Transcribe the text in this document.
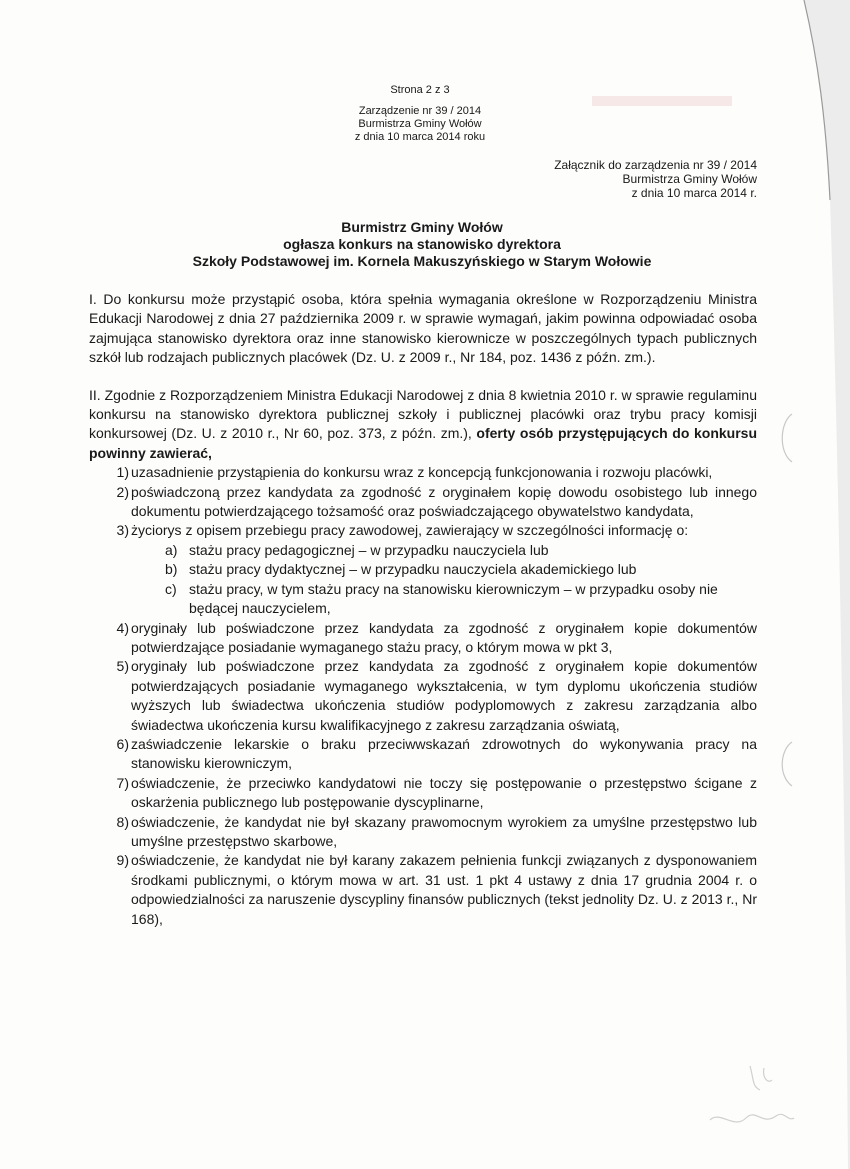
Strona 2 z 3
Zarządzenie nr 39 / 2014
Burmistrza Gminy Wołów
z dnia 10 marca 2014 roku
Załącznik do zarządzenia nr 39 / 2014
Burmistrza Gminy Wołów
z dnia 10 marca 2014 r.
Burmistrz Gminy Wołów
ogłasza konkurs na stanowisko dyrektora
Szkoły Podstawowej im. Kornela Makuszyńskiego w Starym Wołowie

I. Do konkursu może przystąpić osoba, która spełnia wymagania określone w Rozporządzeniu Ministra Edukacji Narodowej z dnia 27 października 2009 r. w sprawie wymagań, jakim powinna odpowiadać osoba zajmująca stanowisko dyrektora oraz inne stanowisko kierownicze w poszczególnych typach publicznych szkół lub rodzajach publicznych placówek (Dz. U. z 2009 r., Nr 184, poz. 1436 z późn. zm.).

II. Zgodnie z Rozporządzeniem Ministra Edukacji Narodowej z dnia 8 kwietnia 2010 r. w sprawie regulaminu konkursu na stanowisko dyrektora publicznej szkoły i publicznej placówki oraz trybu pracy komisji konkursowej (Dz. U. z 2010 r., Nr 60, poz. 373, z późn. zm.), oferty osób przystępujących do konkursu powinny zawierać,

1) uzasadnienie przystąpienia do konkursu wraz z koncepcją funkcjonowania i rozwoju placówki,
2) poświadczoną przez kandydata za zgodność z oryginałem kopię dowodu osobistego lub innego dokumentu potwierdzającego tożsamość oraz poświadczającego obywatelstwo kandydata,
3) życiorys z opisem przebiegu pracy zawodowej, zawierający w szczególności informację o:
a) stażu pracy pedagogicznej – w przypadku nauczyciela lub
b) stażu pracy dydaktycznej – w przypadku nauczyciela akademickiego lub
c) stażu pracy, w tym stażu pracy na stanowisku kierowniczym – w przypadku osoby nie będącej nauczycielem,
4) oryginały lub poświadczone przez kandydata za zgodność z oryginałem kopie dokumentów potwierdzające posiadanie wymaganego stażu pracy, o którym mowa w pkt 3,
5) oryginały lub poświadczone przez kandydata za zgodność z oryginałem kopie dokumentów potwierdzających posiadanie wymaganego wykształcenia, w tym dyplomu ukończenia studiów wyższych lub świadectwa ukończenia studiów podyplomowych z zakresu zarządzania albo świadectwa ukończenia kursu kwalifikacyjnego z zakresu zarządzania oświatą,
6) zaświadczenie lekarskie o braku przeciwwskazań zdrowotnych do wykonywania pracy na stanowisku kierowniczym,
7) oświadczenie, że przeciwko kandydatowi nie toczy się postępowanie o przestępstwo ścigane z oskarżenia publicznego lub postępowanie dyscyplinarne,
8) oświadczenie, że kandydat nie był skazany prawomocnym wyrokiem za umyślne przestępstwo lub umyślne przestępstwo skarbowe,
9) oświadczenie, że kandydat nie był karany zakazem pełnienia funkcji związanych z dysponowaniem środkami publicznymi, o którym mowa w art. 31 ust. 1 pkt 4 ustawy z dnia 17 grudnia 2004 r. o odpowiedzialności za naruszenie dyscypliny finansów publicznych (tekst jednolity Dz. U. z 2013 r., Nr 168),
